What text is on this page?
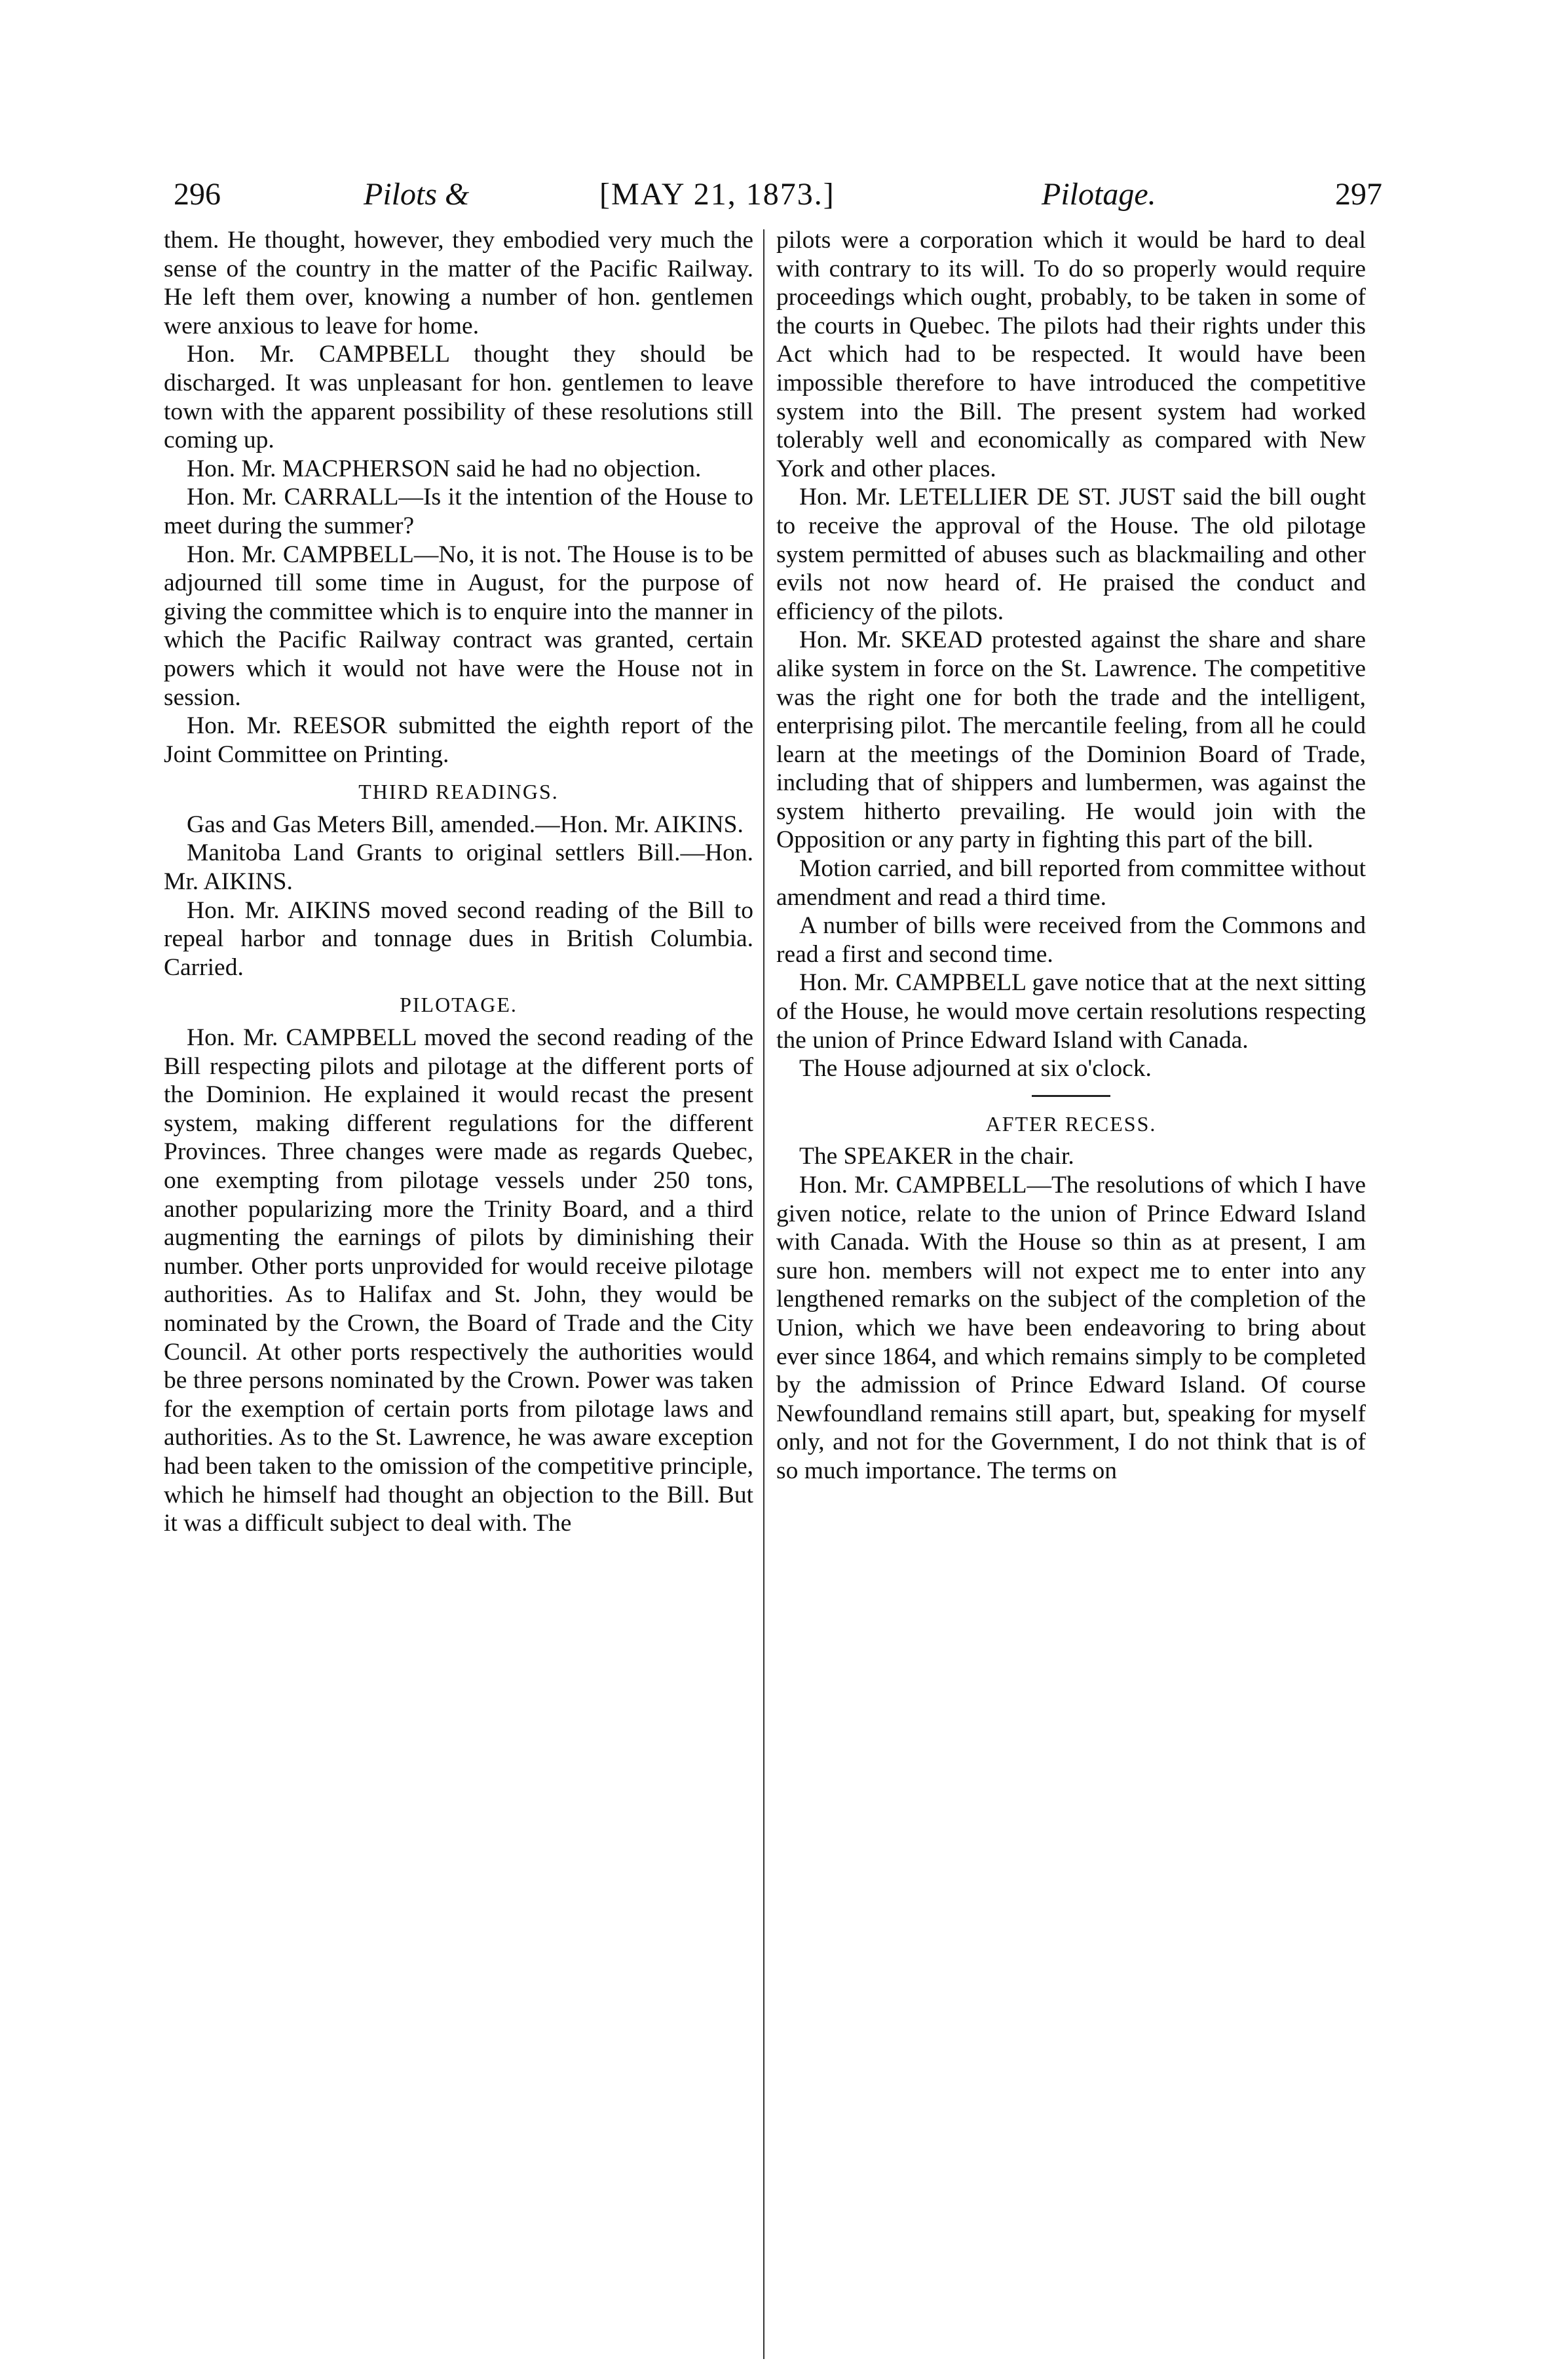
296	Pilots &	[MAY 21, 1873.]	Pilotage.	297

them. He thought, however, they embodied very much the sense of the country in the matter of the Pacific Railway. He left them over, knowing a number of hon. gentlemen were anxious to leave for home.

Hon. Mr. CAMPBELL thought they should be discharged. It was unpleasant for hon. gentlemen to leave town with the apparent possibility of these resolutions still coming up.

Hon. Mr. MACPHERSON said he had no objection.

Hon. Mr. CARRALL—Is it the intention of the House to meet during the summer?

Hon. Mr. CAMPBELL—No, it is not. The House is to be adjourned till some time in August, for the purpose of giving the committee which is to enquire into the manner in which the Pacific Railway contract was granted, certain powers which it would not have were the House not in session.

Hon. Mr. REESOR submitted the eighth report of the Joint Committee on Printing.

THIRD READINGS.

Gas and Gas Meters Bill, amended.—Hon. Mr. AIKINS.

Manitoba Land Grants to original settlers Bill.—Hon. Mr. AIKINS.

Hon. Mr. AIKINS moved second reading of the Bill to repeal harbor and tonnage dues in British Columbia. Carried.

PILOTAGE.

Hon. Mr. CAMPBELL moved the second reading of the Bill respecting pilots and pilotage at the different ports of the Dominion. He explained it would recast the present system, making different regulations for the different Provinces. Three changes were made as regards Quebec, one exempting from pilotage vessels under 250 tons, another popularizing more the Trinity Board, and a third augmenting the earnings of pilots by diminishing their number. Other ports unprovided for would receive pilotage authorities. As to Halifax and St. John, they would be nominated by the Crown, the Board of Trade and the City Council. At other ports respectively the authorities would be three persons nominated by the Crown. Power was taken for the exemption of certain ports from pilotage laws and authorities. As to the St. Lawrence, he was aware exception had been taken to the omission of the competitive principle, which he himself had thought an objection to the Bill. But it was a difficult subject to deal with. The

pilots were a corporation which it would be hard to deal with contrary to its will. To do so properly would require proceedings which ought, probably, to be taken in some of the courts in Quebec. The pilots had their rights under this Act which had to be respected. It would have been impossible therefore to have introduced the competitive system into the Bill. The present system had worked tolerably well and economically as compared with New York and other places.

Hon. Mr. LETELLIER DE ST. JUST said the bill ought to receive the approval of the House. The old pilotage system permitted of abuses such as blackmailing and other evils not now heard of. He praised the conduct and efficiency of the pilots.

Hon. Mr. SKEAD protested against the share and share alike system in force on the St. Lawrence. The competitive was the right one for both the trade and the intelligent, enterprising pilot. The mercantile feeling, from all he could learn at the meetings of the Dominion Board of Trade, including that of shippers and lumbermen, was against the system hitherto prevailing. He would join with the Opposition or any party in fighting this part of the bill.

Motion carried, and bill reported from committee without amendment and read a third time.

A number of bills were received from the Commons and read a first and second time.

Hon. Mr. CAMPBELL gave notice that at the next sitting of the House, he would move certain resolutions respecting the union of Prince Edward Island with Canada.

The House adjourned at six o'clock.

AFTER RECESS.

The SPEAKER in the chair.

Hon. Mr. CAMPBELL—The resolutions of which I have given notice, relate to the union of Prince Edward Island with Canada. With the House so thin as at present, I am sure hon. members will not expect me to enter into any lengthened remarks on the subject of the completion of the Union, which we have been endeavoring to bring about ever since 1864, and which remains simply to be completed by the admission of Prince Edward Island. Of course Newfoundland remains still apart, but, speaking for myself only, and not for the Government, I do not think that is of so much importance. The terms on
